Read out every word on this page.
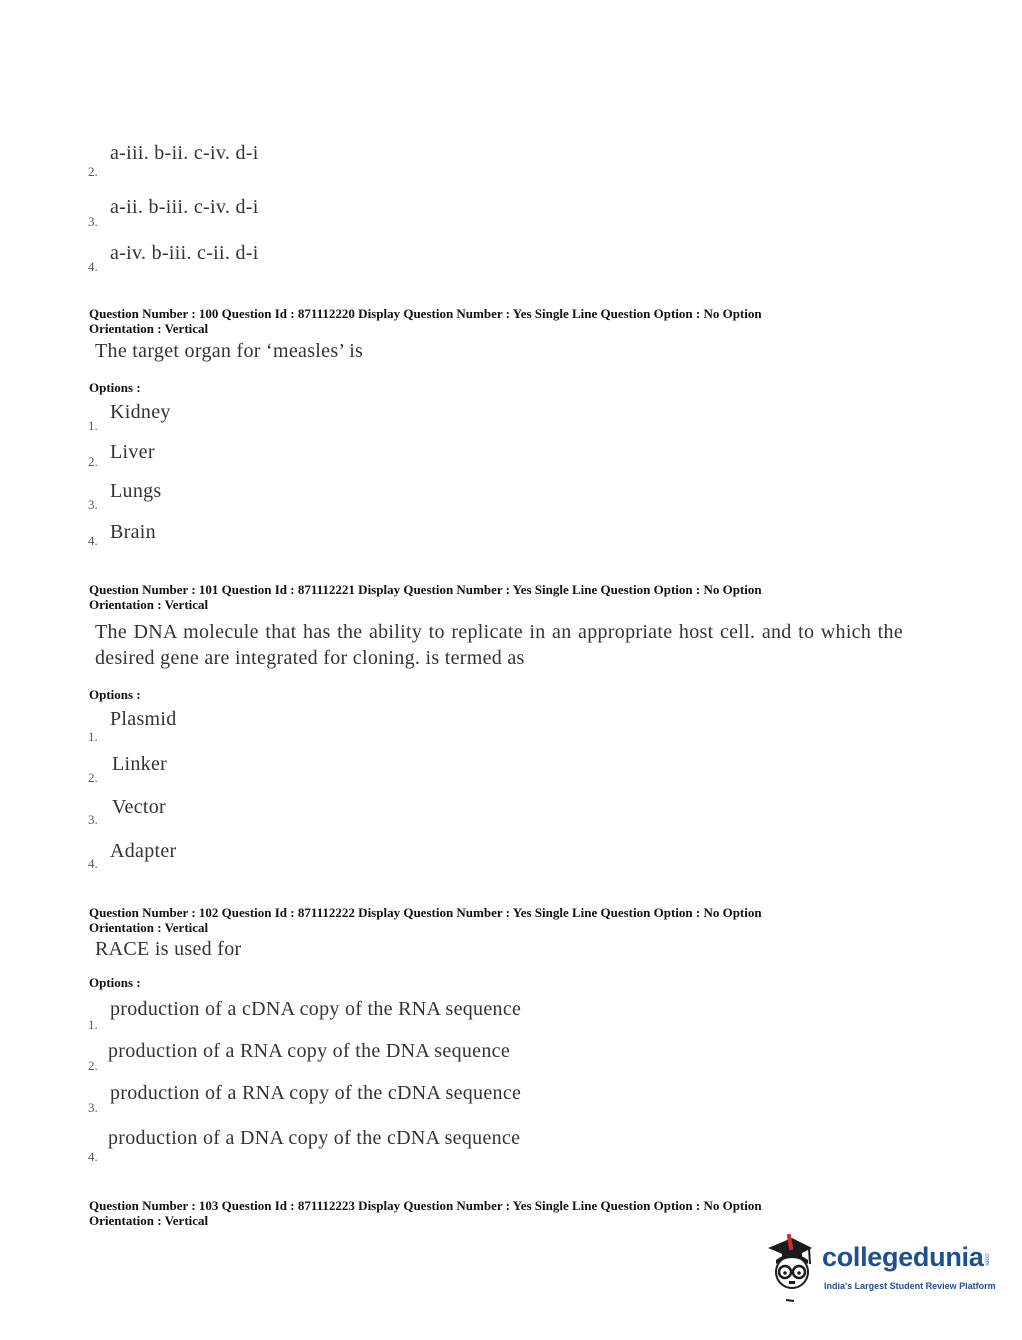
2.
a-iii. b-ii. c-iv. d-i
3.
a-ii. b-iii. c-iv. d-i
4.
a-iv. b-iii. c-ii. d-i
Question Number : 100 Question Id : 871112220 Display Question Number : Yes Single Line Question Option : No Option
Orientation : Vertical
The target organ for ‘measles’ is
Options :
1.
Kidney
2. Liver
3.
Lungs
4. Brain
Question Number : 101 Question Id : 871112221 Display Question Number : Yes Single Line Question Option : No Option
Orientation : Vertical
The DNA molecule that has the ability to replicate in an appropriate host cell. and to which the desired gene are integrated for cloning. is termed as
Options :
1.
Plasmid
2.
Linker
3.
Vector
4.
Adapter
Question Number : 102 Question Id : 871112222 Display Question Number : Yes Single Line Question Option : No Option
Orientation : Vertical
RACE is used for
Options :
1.
production of a cDNA copy of the RNA sequence
2.
production of a RNA copy of the DNA sequence
3.
production of a RNA copy of the cDNA sequence
4.
production of a DNA copy of the cDNA sequence
Question Number : 103 Question Id : 871112223 Display Question Number : Yes Single Line Question Option : No Option
Orientation : Vertical
collegedunia .com
India's Largest Student Review Platform
